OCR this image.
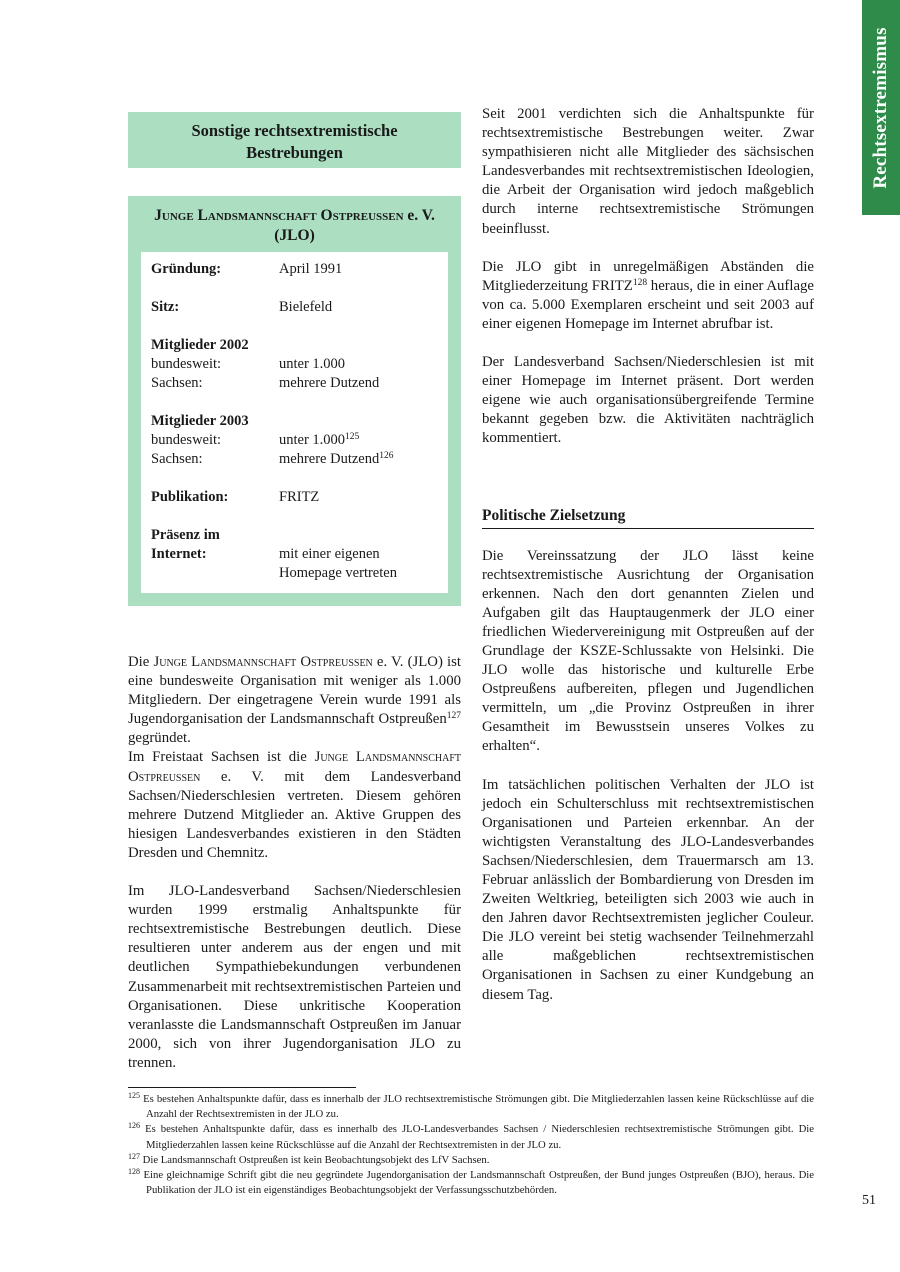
Rechtsextremismus
Sonstige rechtsextremistische
Bestrebungen
Junge Landsmannschaft Ostpreußen e. V.
(JLO)
Gründung:	April 1991
Sitz:	Bielefeld
Mitglieder 2002
bundesweit:	unter 1.000
Sachsen:	mehrere Dutzend
Mitglieder 2003
bundesweit:	unter 1.000$^{125}$
Sachsen:	mehrere Dutzend$^{126}$
Publikation:	FRITZ
Präsenz im
Internet:	mit einer eigenen
Homepage vertreten
Die Junge Landsmannschaft Ostpreußen e. V. (JLO) ist eine bundesweite Organisation mit weniger als 1.000 Mitgliedern. Der eingetragene Verein wurde 1991 als Jugendorganisation der Landsmannschaft Ostpreußen$^{127}$ gegründet.
Im Freistaat Sachsen ist die Junge Landsmannschaft Ostpreußen e. V. mit dem Landesverband Sachsen/Niederschlesien vertreten. Diesem gehören mehrere Dutzend Mitglieder an. Aktive Gruppen des hiesigen Landesverbandes existieren in den Städten Dresden und Chemnitz.
Im JLO-Landesverband Sachsen/Niederschlesien wurden 1999 erstmalig Anhaltspunkte für rechtsextremistische Bestrebungen deutlich. Diese resultieren unter anderem aus der engen und mit deutlichen Sympathiebekundungen verbundenen Zusammenarbeit mit rechtsextremistischen Parteien und Organisationen. Diese unkritische Kooperation veranlasste die Landsmannschaft Ostpreußen im Januar 2000, sich von ihrer Jugendorganisation JLO zu trennen.
Seit 2001 verdichten sich die Anhaltspunkte für rechtsextremistische Bestrebungen weiter. Zwar sympathisieren nicht alle Mitglieder des sächsischen Landesverbandes mit rechtsextremistischen Ideologien, die Arbeit der Organisation wird jedoch maßgeblich durch interne rechtsextremistische Strömungen beeinflusst.
Die JLO gibt in unregelmäßigen Abständen die Mitgliederzeitung FRITZ$^{128}$ heraus, die in einer Auflage von ca. 5.000 Exemplaren erscheint und seit 2003 auf einer eigenen Homepage im Internet abrufbar ist.
Der Landesverband Sachsen/Niederschlesien ist mit einer Homepage im Internet präsent. Dort werden eigene wie auch organisationsübergreifende Termine bekannt gegeben bzw. die Aktivitäten nachträglich kommentiert.
Politische Zielsetzung
Die Vereinssatzung der JLO lässt keine rechtsextremistische Ausrichtung der Organisation erkennen. Nach den dort genannten Zielen und Aufgaben gilt das Hauptaugenmerk der JLO einer friedlichen Wiedervereinigung mit Ostpreußen auf der Grundlage der KSZE-Schlussakte von Helsinki. Die JLO wolle das historische und kulturelle Erbe Ostpreußens aufbereiten, pflegen und Jugendlichen vermitteln, um „die Provinz Ostpreußen in ihrer Gesamtheit im Bewusstsein unseres Volkes zu erhalten“.
Im tatsächlichen politischen Verhalten der JLO ist jedoch ein Schulterschluss mit rechtsextremistischen Organisationen und Parteien erkennbar. An der wichtigsten Veranstaltung des JLO-Landesverbandes Sachsen/Niederschlesien, dem Trauermarsch am 13. Februar anlässlich der Bombardierung von Dresden im Zweiten Weltkrieg, beteiligten sich 2003 wie auch in den Jahren davor Rechtsextremisten jeglicher Couleur. Die JLO vereint bei stetig wachsender Teilnehmerzahl alle maßgeblichen rechtsextremistischen Organisationen in Sachsen zu einer Kundgebung an diesem Tag.
$^{125}$ Es bestehen Anhaltspunkte dafür, dass es innerhalb der JLO rechtsextremistische Strömungen gibt. Die Mitgliederzahlen lassen keine Rückschlüsse auf die Anzahl der Rechtsextremisten in der JLO zu.
$^{126}$ Es bestehen Anhaltspunkte dafür, dass es innerhalb des JLO-Landesverbandes Sachsen / Niederschlesien rechtsextremistische Strömungen gibt. Die Mitgliederzahlen lassen keine Rückschlüsse auf die Anzahl der Rechtsextremisten in der JLO zu.
$^{127}$ Die Landsmannschaft Ostpreußen ist kein Beobachtungsobjekt des LfV Sachsen.
$^{128}$ Eine gleichnamige Schrift gibt die neu gegründete Jugendorganisation der Landsmannschaft Ostpreußen, der Bund junges Ostpreußen (BJO), heraus. Die Publikation der JLO ist ein eigenständiges Beobachtungsobjekt der Verfassungsschutzbehörden.
51
